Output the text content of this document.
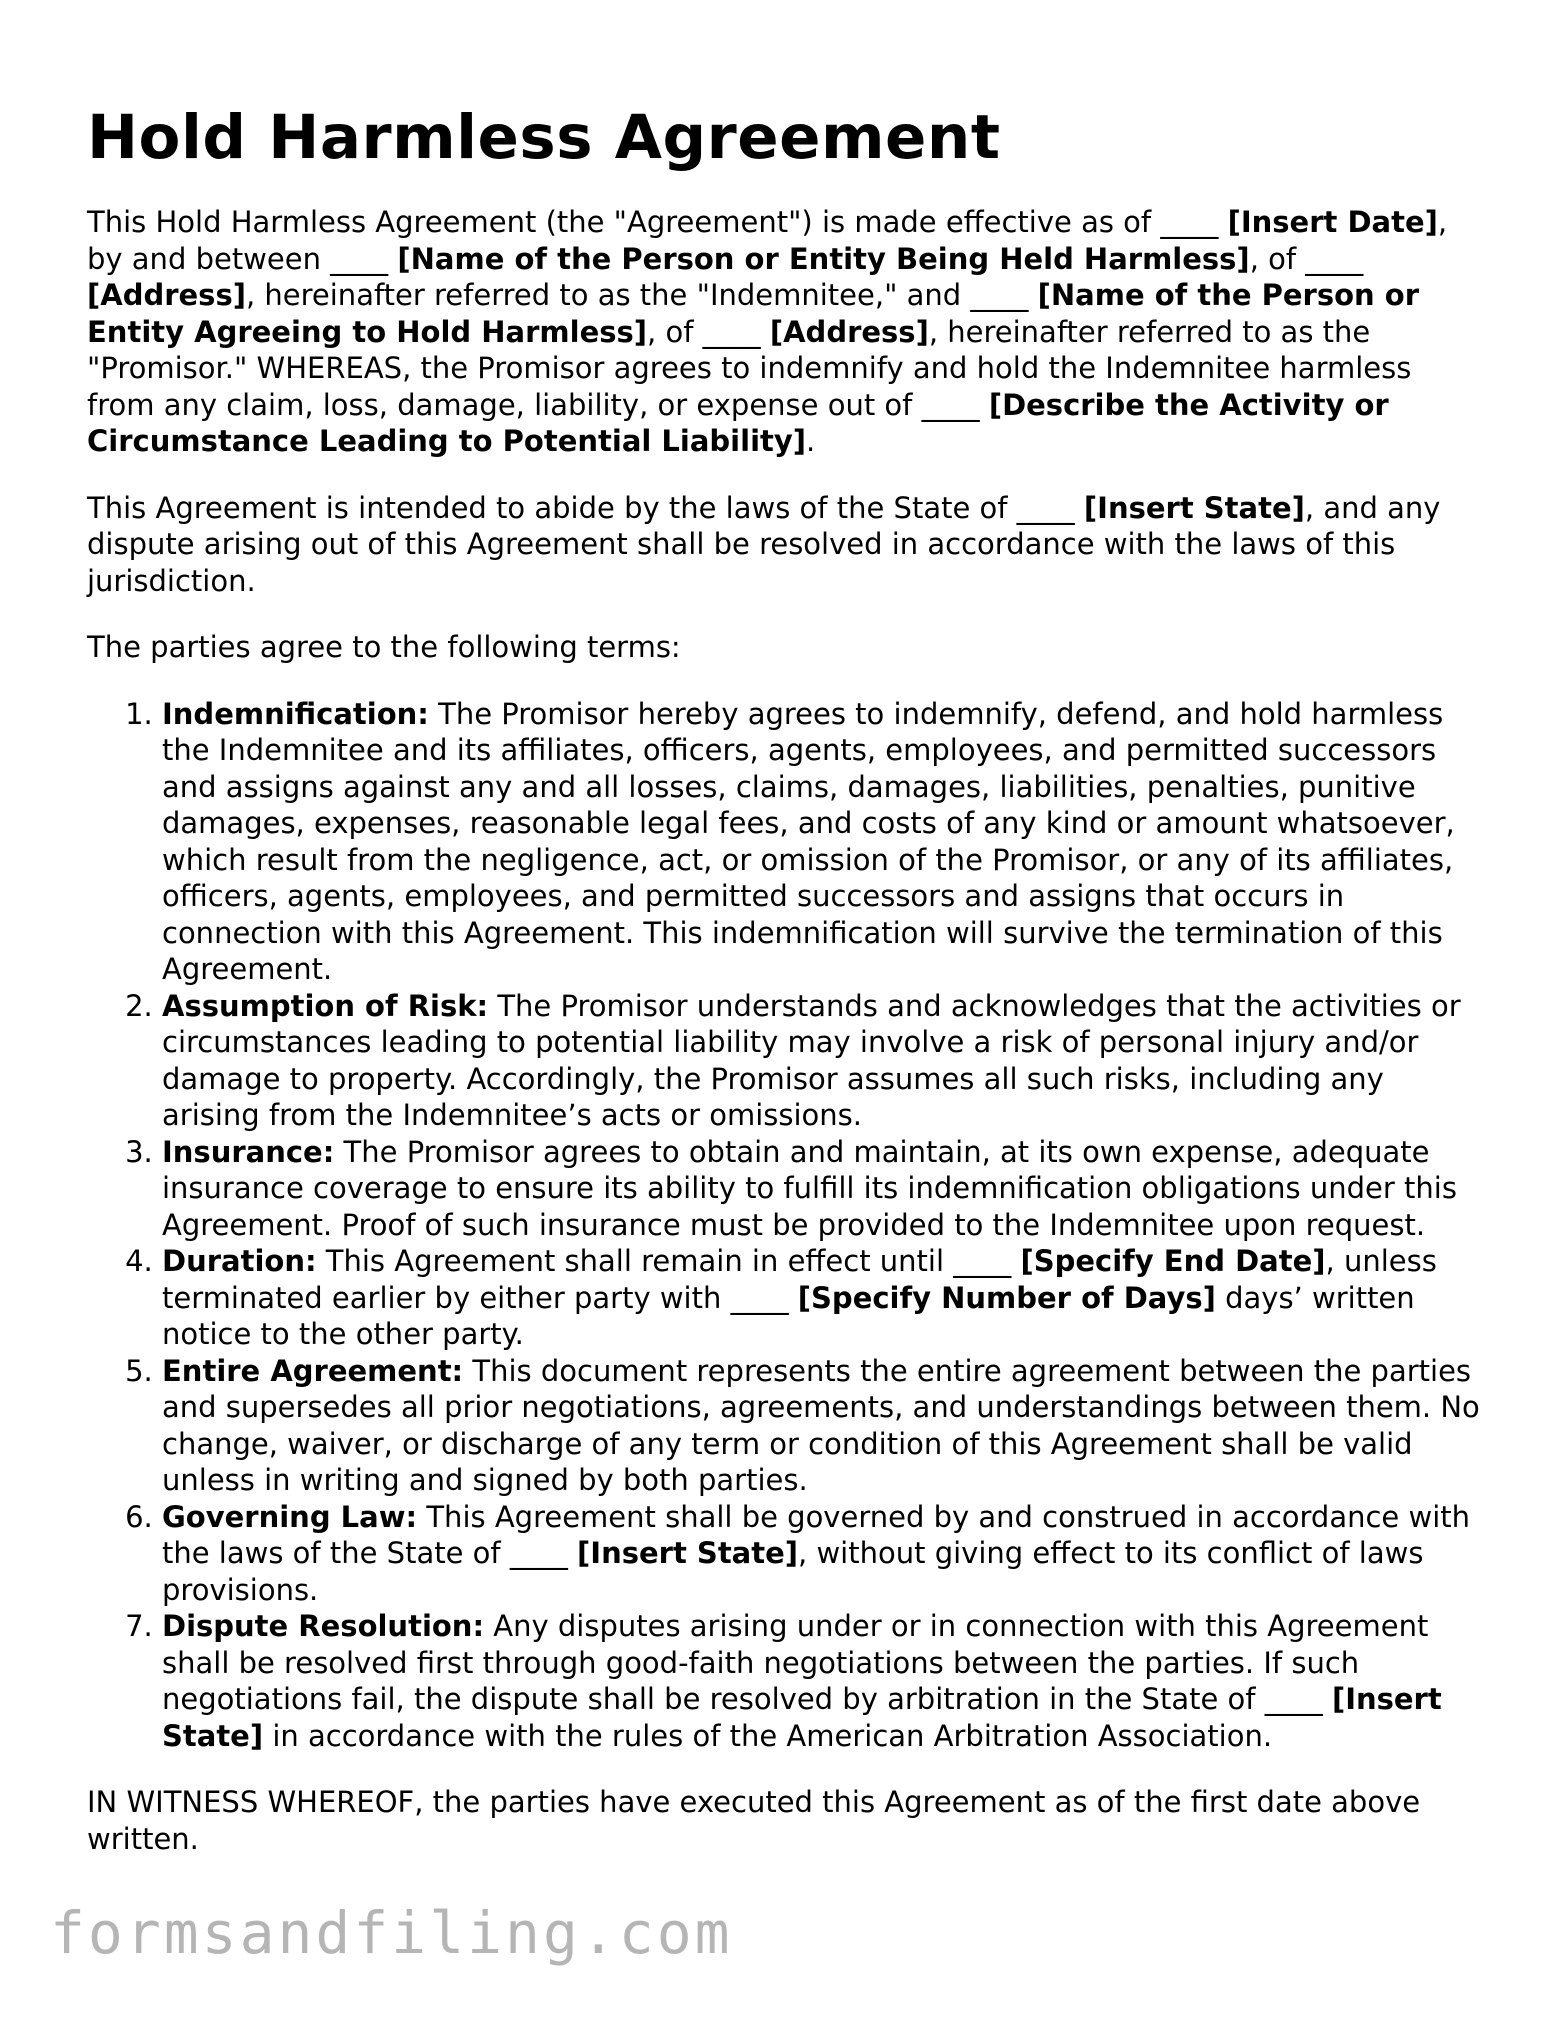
Hold Harmless Agreement

This Hold Harmless Agreement (the "Agreement") is made effective as of ____ [Insert Date], by and between ____ [Name of the Person or Entity Being Held Harmless], of ____ [Address], hereinafter referred to as the "Indemnitee," and ____ [Name of the Person or Entity Agreeing to Hold Harmless], of ____ [Address], hereinafter referred to as the "Promisor." WHEREAS, the Promisor agrees to indemnify and hold the Indemnitee harmless from any claim, loss, damage, liability, or expense out of ____ [Describe the Activity or Circumstance Leading to Potential Liability].

This Agreement is intended to abide by the laws of the State of ____ [Insert State], and any dispute arising out of this Agreement shall be resolved in accordance with the laws of this jurisdiction.

The parties agree to the following terms:

1. Indemnification: The Promisor hereby agrees to indemnify, defend, and hold harmless the Indemnitee and its affiliates, officers, agents, employees, and permitted successors and assigns against any and all losses, claims, damages, liabilities, penalties, punitive damages, expenses, reasonable legal fees, and costs of any kind or amount whatsoever, which result from the negligence, act, or omission of the Promisor, or any of its affiliates, officers, agents, employees, and permitted successors and assigns that occurs in connection with this Agreement. This indemnification will survive the termination of this Agreement.
2. Assumption of Risk: The Promisor understands and acknowledges that the activities or circumstances leading to potential liability may involve a risk of personal injury and/or damage to property. Accordingly, the Promisor assumes all such risks, including any arising from the Indemnitee’s acts or omissions.
3. Insurance: The Promisor agrees to obtain and maintain, at its own expense, adequate insurance coverage to ensure its ability to fulfill its indemnification obligations under this Agreement. Proof of such insurance must be provided to the Indemnitee upon request.
4. Duration: This Agreement shall remain in effect until ____ [Specify End Date], unless terminated earlier by either party with ____ [Specify Number of Days] days’ written notice to the other party.
5. Entire Agreement: This document represents the entire agreement between the parties and supersedes all prior negotiations, agreements, and understandings between them. No change, waiver, or discharge of any term or condition of this Agreement shall be valid unless in writing and signed by both parties.
6. Governing Law: This Agreement shall be governed by and construed in accordance with the laws of the State of ____ [Insert State], without giving effect to its conflict of laws provisions.
7. Dispute Resolution: Any disputes arising under or in connection with this Agreement shall be resolved first through good-faith negotiations between the parties. If such negotiations fail, the dispute shall be resolved by arbitration in the State of ____ [Insert State] in accordance with the rules of the American Arbitration Association.

IN WITNESS WHEREOF, the parties have executed this Agreement as of the first date above written.

formsandfiling.com
